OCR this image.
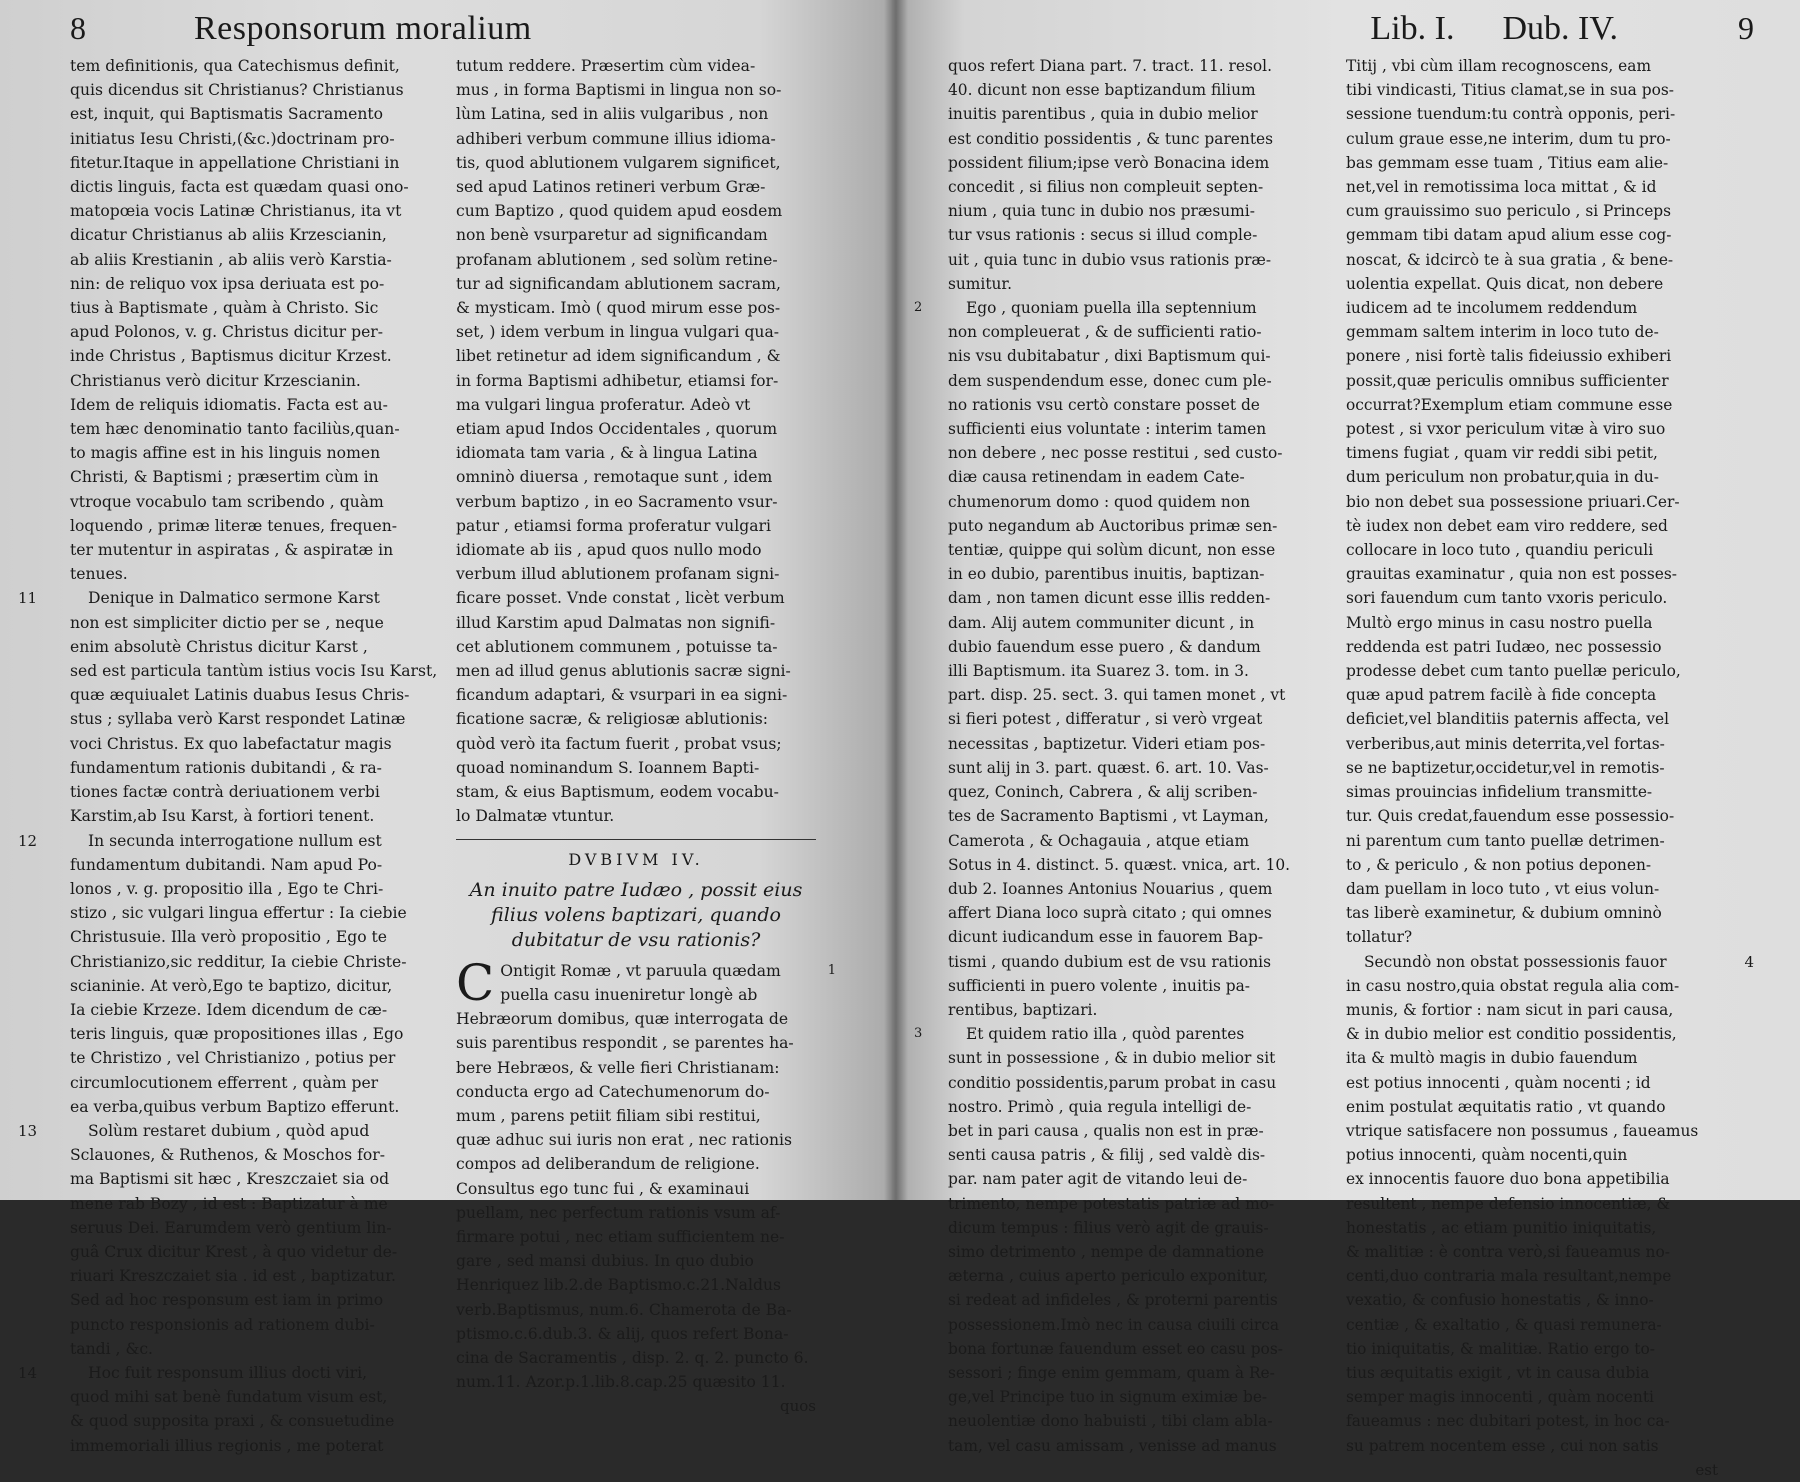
8	Responsorum moralium
tem definitionis, qua Catechismus definit,
quis dicendus sit Christianus? Christianus
est, inquit, qui Baptismatis Sacramento
initiatus Iesu Christi,(&c.)doctrinam pro-
fitetur.Itaque in appellatione Christiani in
dictis linguis, facta est quædam quasi ono-
matopœia vocis Latinæ Christianus, ita vt
dicatur Christianus ab aliis Krzescianin,
ab aliis Krestianin , ab aliis verò Karstia-
nin: de reliquo vox ipsa deriuata est po-
tius à Baptismate , quàm à Christo. Sic
apud Polonos, v. g. Christus dicitur per-
inde Christus , Baptismus dicitur Krzest.
Christianus verò dicitur Krzescianin.
Idem de reliquis idiomatis. Facta est au-
tem hæc denominatio tanto faciliùs,quan-
to magis affine est in his linguis nomen
Christi, & Baptismi ; præsertim cùm in
vtroque vocabulo tam scribendo , quàm
loquendo , primæ literæ tenues, frequen-
ter mutentur in aspiratas , & aspiratæ in
tenues.
11	Denique in Dalmatico sermone Karst
non est simpliciter dictio per se , neque
enim absolutè Christus dicitur Karst ,
sed est particula tantùm istius vocis Isu Karst,
quæ æquiualet Latinis duabus Iesus Chris-
stus ; syllaba verò Karst respondet Latinæ
voci Christus. Ex quo labefactatur magis
fundamentum rationis dubitandi , & ra-
tiones factæ contrà deriuationem verbi
Karstim,ab Isu Karst, à fortiori tenent.
12	In secunda interrogatione nullum est
fundamentum dubitandi. Nam apud Po-
lonos , v. g. propositio illa , Ego te Chri-
stizo , sic vulgari lingua effertur : Ia ciebie
Christusuie. Illa verò propositio , Ego te
Christianizo,sic redditur, Ia ciebie Christe-
scianinie. At verò,Ego te baptizo, dicitur,
Ia ciebie Krzeze. Idem dicendum de cæ-
teris linguis, quæ propositiones illas , Ego
te Christizo , vel Christianizo , potius per
circumlocutionem efferrent , quàm per
ea verba,quibus verbum Baptizo efferunt.
13	Solùm restaret dubium , quòd apud
Sclauones, & Ruthenos, & Moschos for-
ma Baptismi sit hæc , Kreszczaiet sia od
mene rab Bozy , id est : Baptizatur à me
seruus Dei. Earumdem verò gentium lin-
guâ Crux dicitur Krest , à quo videtur de-
riuari Kreszczaiet sia . id est , baptizatur.
Sed ad hoc responsum est iam in primo
puncto responsionis ad rationem dubi-
tandi , &c.
14	Hoc fuit responsum illius docti viri,
quod mihi sat benè fundatum visum est,
& quod supposita praxi , & consuetudine
immemoriali illius regionis , me poterat
tutum reddere. Præsertim cùm videa-
mus , in forma Baptismi in lingua non so-
lùm Latina, sed in aliis vulgaribus , non
adhiberi verbum commune illius idioma-
tis, quod ablutionem vulgarem significet,
sed apud Latinos retineri verbum Græ-
cum Baptizo , quod quidem apud eosdem
non benè vsurparetur ad significandam
profanam ablutionem , sed solùm retine-
tur ad significandam ablutionem sacram,
& mysticam. Imò ( quod mirum esse pos-
set, ) idem verbum in lingua vulgari qua-
libet retinetur ad idem significandum , &
in forma Baptismi adhibetur, etiamsi for-
ma vulgari lingua proferatur. Adeò vt
etiam apud Indos Occidentales , quorum
idiomata tam varia , & à lingua Latina
omninò diuersa , remotaque sunt , idem
verbum baptizo , in eo Sacramento vsur-
patur , etiamsi forma proferatur vulgari
idiomate ab iis , apud quos nullo modo
verbum illud ablutionem profanam signi-
ficare posset. Vnde constat , licèt verbum
illud Karstim apud Dalmatas non signifi-
cet ablutionem communem , potuisse ta-
men ad illud genus ablutionis sacræ signi-
ficandum adaptari, & vsurpari in ea signi-
ficatione sacræ, & religiosæ ablutionis:
quòd verò ita factum fuerit , probat vsus;
quoad nominandum S. Ioannem Bapti-
stam, & eius Baptismum, eodem vocabu-
lo Dalmatæ vtuntur.
DVBIVM IV.
An inuito patre Iudæo , possit eius
filius volens baptizari, quando
dubitatur de vsu rationis?
1
C Ontigit Romæ , vt paruula quædam
puella casu inueniretur longè ab
Hebræorum domibus, quæ interrogata de
suis parentibus respondit , se parentes ha-
bere Hebræos, & velle fieri Christianam:
conducta ergo ad Catechumenorum do-
mum , parens petiit filiam sibi restitui,
quæ adhuc sui iuris non erat , nec rationis
compos ad deliberandum de religione.
Consultus ego tunc fui , & examinaui
puellam, nec perfectum rationis vsum af-
firmare potui , nec etiam sufficientem ne-
gare , sed mansi dubius. In quo dubio
Henriquez lib.2.de Baptismo.c.21.Naldus
verb.Baptismus, num.6. Chamerota de Ba-
ptismo.c.6.dub.3. & alij, quos refert Bona-
cina de Sacramentis , disp. 2. q. 2. puncto 6.
num.11. Azor.p.1.lib.8.cap.25 quæsito 11.
quos
Lib. I. Dub. IV.	9
quos refert Diana part. 7. tract. 11. resol.
40. dicunt non esse baptizandum filium
inuitis parentibus , quia in dubio melior
est conditio possidentis , & tunc parentes
possident filium;ipse verò Bonacina idem
concedit , si filius non compleuit septen-
nium , quia tunc in dubio nos præsumi-
tur vsus rationis : secus si illud comple-
uit , quia tunc in dubio vsus rationis præ-
sumitur.
2	Ego , quoniam puella illa septennium
non compleuerat , & de sufficienti ratio-
nis vsu dubitabatur , dixi Baptismum qui-
dem suspendendum esse, donec cum ple-
no rationis vsu certò constare posset de
sufficienti eius voluntate : interim tamen
non debere , nec posse restitui , sed custo-
diæ causa retinendam in eadem Cate-
chumenorum domo : quod quidem non
puto negandum ab Auctoribus primæ sen-
tentiæ, quippe qui solùm dicunt, non esse
in eo dubio, parentibus inuitis, baptizan-
dam , non tamen dicunt esse illis redden-
dam. Alij autem communiter dicunt , in
dubio fauendum esse puero , & dandum
illi Baptismum. ita Suarez 3. tom. in 3.
part. disp. 25. sect. 3. qui tamen monet , vt
si fieri potest , differatur , si verò vrgeat
necessitas , baptizetur. Videri etiam pos-
sunt alij in 3. part. quæst. 6. art. 10. Vas-
quez, Coninch, Cabrera , & alij scriben-
tes de Sacramento Baptismi , vt Layman,
Camerota , & Ochagauia , atque etiam
Sotus in 4. distinct. 5. quæst. vnica, art. 10.
dub 2. Ioannes Antonius Nouarius , quem
affert Diana loco suprà citato ; qui omnes
dicunt iudicandum esse in fauorem Bap-
tismi , quando dubium est de vsu rationis
sufficienti in puero volente , inuitis pa-
rentibus, baptizari.
3	Et quidem ratio illa , quòd parentes
sunt in possessione , & in dubio melior sit
conditio possidentis,parum probat in casu
nostro. Primò , quia regula intelligi de-
bet in pari causa , qualis non est in præ-
senti causa patris , & filij , sed valdè dis-
par. nam pater agit de vitando leui de-
trimento, nempe potestatis patriæ ad mo-
dicum tempus : filius verò agit de grauis-
simo detrimento , nempe de damnatione
æterna , cuius aperto periculo exponitur,
si redeat ad infideles , & proterni parentis
possessionem.Imò nec in causa ciuili circa
bona fortunæ fauendum esset eo casu pos-
sessori ; finge enim gemmam, quam à Re-
ge,vel Principe tuo in signum eximiæ be-
neuolentiæ dono habuisti , tibi clam abla-
tam, vel casu amissam , venisse ad manus
Titij , vbi cùm illam recognoscens, eam
tibi vindicasti, Titius clamat,se in sua pos-
sessione tuendum:tu contrà opponis, peri-
culum graue esse,ne interim, dum tu pro-
bas gemmam esse tuam , Titius eam alie-
net,vel in remotissima loca mittat , & id
cum grauissimo suo periculo , si Princeps
gemmam tibi datam apud alium esse cog-
noscat, & idcircò te à sua gratia , & bene-
uolentia expellat. Quis dicat, non debere
iudicem ad te incolumem reddendum
gemmam saltem interim in loco tuto de-
ponere , nisi fortè talis fideiussio exhiberi
possit,quæ periculis omnibus sufficienter
occurrat?Exemplum etiam commune esse
potest , si vxor periculum vitæ à viro suo
timens fugiat , quam vir reddi sibi petit,
dum periculum non probatur,quia in du-
bio non debet sua possessione priuari.Cer-
tè iudex non debet eam viro reddere, sed
collocare in loco tuto , quandiu periculi
grauitas examinatur , quia non est posses-
sori fauendum cum tanto vxoris periculo.
Multò ergo minus in casu nostro puella
reddenda est patri Iudæo, nec possessio
prodesse debet cum tanto puellæ periculo,
quæ apud patrem facilè à fide concepta
deficiet,vel blanditiis paternis affecta, vel
verberibus,aut minis deterrita,vel fortas-
se ne baptizetur,occidetur,vel in remotis-
simas prouincias infidelium transmitte-
tur. Quis credat,fauendum esse possessio-
ni parentum cum tanto puellæ detrimen-
to , & periculo , & non potius deponen-
dam puellam in loco tuto , vt eius volun-
tas liberè examinetur, & dubium omninò
tollatur?
4
Secundò non obstat possessionis fauor
in casu nostro,quia obstat regula alia com-
munis, & fortior : nam sicut in pari causa,
& in dubio melior est conditio possidentis,
ita & multò magis in dubio fauendum
est potius innocenti , quàm nocenti ; id
enim postulat æquitatis ratio , vt quando
vtrique satisfacere non possumus , faueamus
potius innocenti, quàm nocenti,quin
ex innocentis fauore duo bona appetibilia
resultent , nempe defensio innocentiæ, &
honestatis , ac etiam punitio iniquitatis,
& malitiæ : è contra verò,si faueamus no-
centi,duo contraria mala resultant,nempe
vexatio, & confusio honestatis , & inno-
centiæ , & exaltatio , & quasi remunera-
tio iniquitatis, & malitiæ. Ratio ergo to-
tius æquitatis exigit , vt in causa dubia
semper magis innocenti , quàm nocenti
faueamus : nec dubitari potest, in hoc ca-
su patrem nocentem esse , cui non satis
est
